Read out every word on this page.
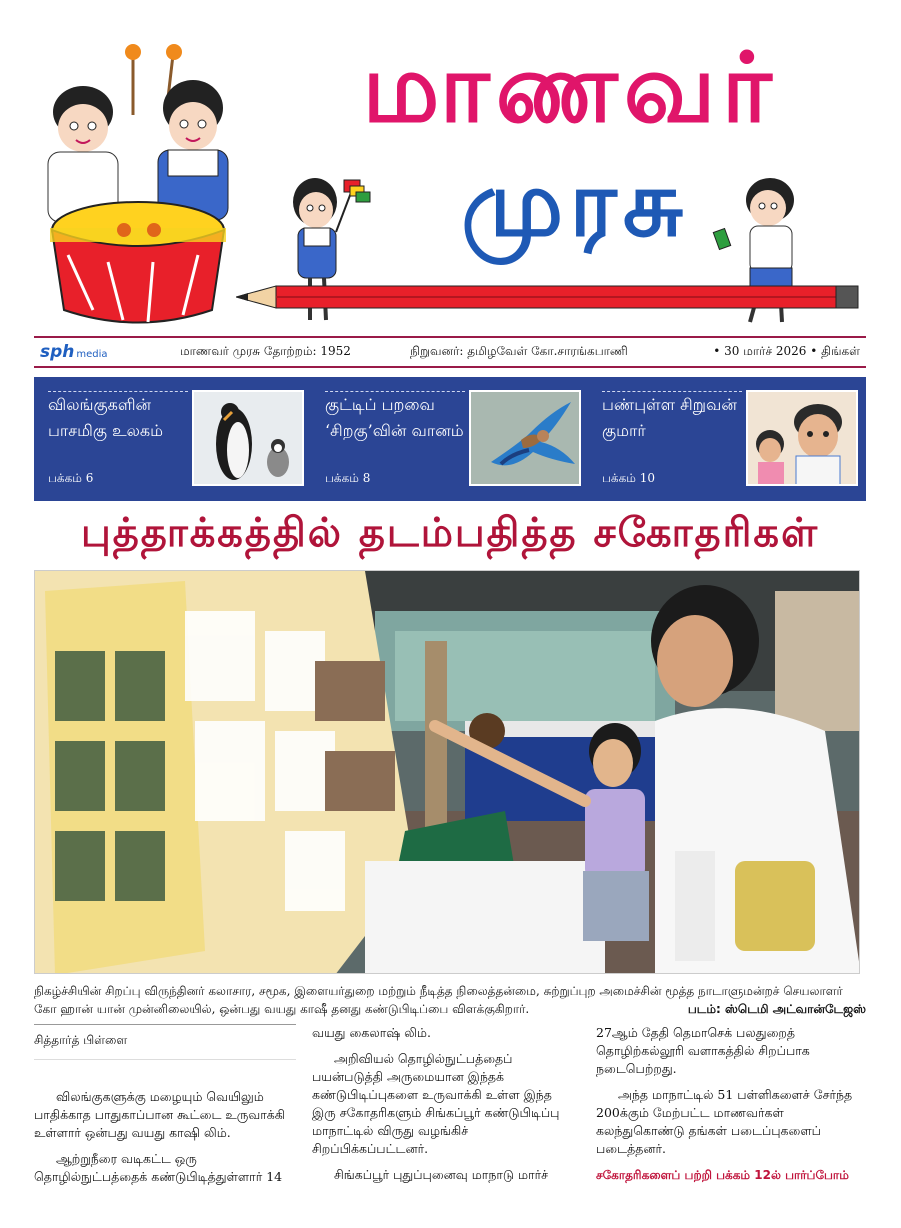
மாணவர்
முரசு
sph media	மாணவர் முரசு தோற்றம்: 1952	நிறுவனர்: தமிழவேள் கோ.சாரங்கபாணி	• 30 மார்ச் 2026 • திங்கள்
விலங்குகளின் பாசமிகு உலகம்
பக்கம் 6
குட்டிப் பறவை ‘சிறகு’வின் வானம்
பக்கம் 8
பண்புள்ள சிறுவன் குமார்
பக்கம் 10
புத்தாக்கத்தில் தடம்பதித்த சகோதரிகள்
நிகழ்ச்சியின் சிறப்பு விருந்தினர் கலாசார, சமூக, இளையர்துறை மற்றும் நீடித்த நிலைத்தன்மை, சுற்றுப்புற அமைச்சின் மூத்த நாடாளுமன்றச் செயலாளர் கோ ஹான் யான் முன்னிலையில், ஒன்பது வயது காஷீ தனது கண்டுபிடிப்பை விளக்குகிறார்.	படம்: ஸ்டெமி அட்வான்டேஜஸ்
சித்தார்த் பிள்ளை

விலங்குகளுக்கு மழையும் வெயிலும் பாதிக்காத பாதுகாப்பான கூட்டை உருவாக்கி உள்ளார் ஒன்பது வயது காஷி லிம்.

ஆற்றுநீரை வடிகட்ட ஒரு தொழில்நுட்பத்தைக் கண்டுபிடித்துள்ளார் 14

வயது கைலாஷ் லிம்.

அறிவியல் தொழில்நுட்பத்தைப் பயன்படுத்தி அருமையான இந்தக் கண்டுபிடிப்புகளை உருவாக்கி உள்ள இந்த இரு சகோதரிகளும் சிங்கப்பூர் கண்டுபிடிப்பு மாநாட்டில் விருது வழங்கிச் சிறப்பிக்கப்பட்டனர்.

சிங்கப்பூர் புதுப்புனைவு மாநாடு மார்ச்

27ஆம் தேதி தெமாசெக் பலதுறைத் தொழிற்கல்லூரி வளாகத்தில் சிறப்பாக நடைபெற்றது.

அந்த மாநாட்டில் 51 பள்ளிகளைச் சேர்ந்த 200க்கும் மேற்பட்ட மாணவர்கள் கலந்துகொண்டு தங்கள் படைப்புகளைப் படைத்தனர்.

சகோதரிகளைப் பற்றி பக்கம் 12ல் பார்ப்போம்
